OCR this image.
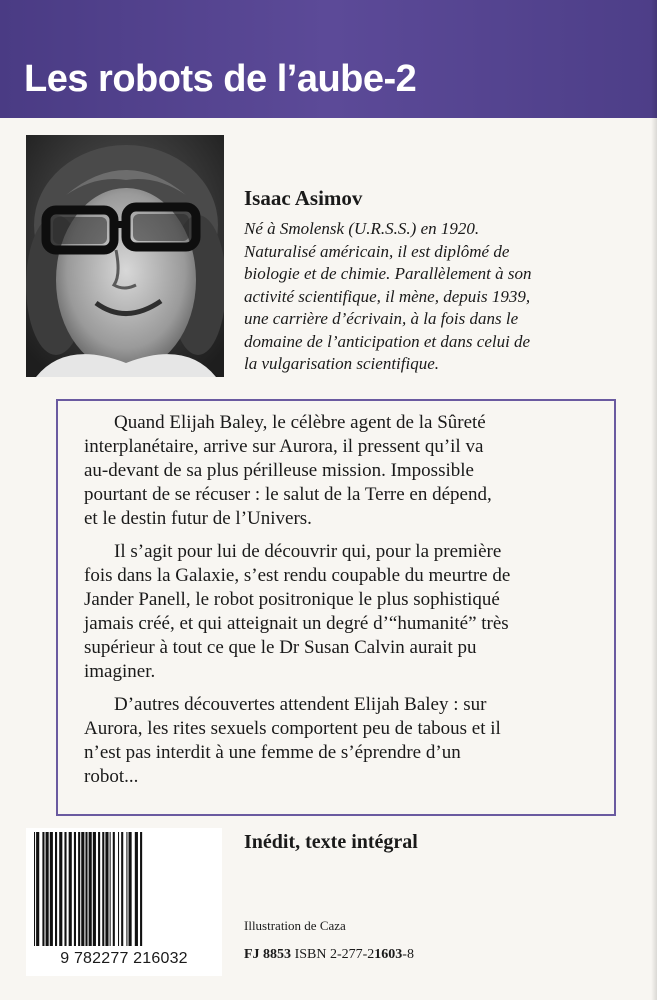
Les robots de l’aube-2
Isaac Asimov
Né à Smolensk (U.R.S.S.) en 1920.
Naturalisé américain, il est diplômé de
biologie et de chimie. Parallèlement à son
activité scientifique, il mène, depuis 1939,
une carrière d’écrivain, à la fois dans le
domaine de l’anticipation et dans celui de
la vulgarisation scientifique.
Quand Elijah Baley, le célèbre agent de la Sûreté
interplanétaire, arrive sur Aurora, il pressent qu’il va
au-devant de sa plus périlleuse mission. Impossible
pourtant de se récuser : le salut de la Terre en dépend,
et le destin futur de l’Univers.
Il s’agit pour lui de découvrir qui, pour la première
fois dans la Galaxie, s’est rendu coupable du meurtre de
Jander Panell, le robot positronique le plus sophistiqué
jamais créé, et qui atteignait un degré d’“humanité” très
supérieur à tout ce que le Dr Susan Calvin aurait pu
imaginer.
D’autres découvertes attendent Elijah Baley : sur
Aurora, les rites sexuels comportent peu de tabous et il
n’est pas interdit à une femme de s’éprendre d’un
robot...
9 782277 216032
Inédit, texte intégral
Illustration de Caza
FJ 8853 ISBN 2-277-21603-8
